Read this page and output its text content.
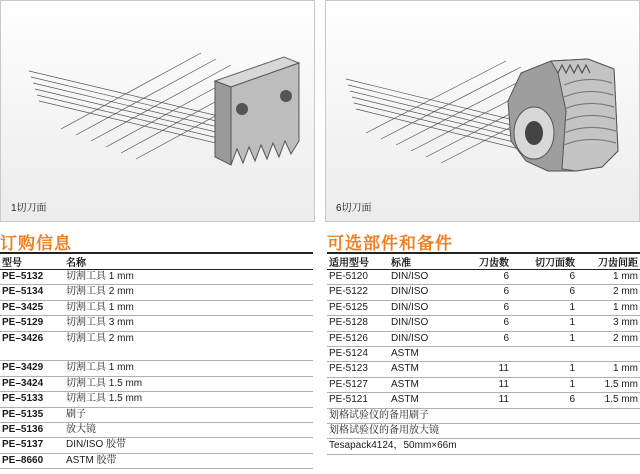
1切刀面	6切刀面
订购信息	可选部件和备件
型号	名称
PE–5132	切割工具 1 mm
PE–5134	切割工具 2 mm
PE–3425	切割工具 1 mm
PE–5129	切割工具 3 mm
PE–3426	切割工具 2 mm
PE–3429	切割工具 1 mm
PE–3424	切割工具 1.5 mm
PE–5133	切割工具 1.5 mm
PE–5135	刷子
PE–5136	放大镜
PE–5137	DIN/ISO 胶带
PE–8660	ASTM 胶带
适用型号	标准	刀齿数	切刀面数	刀齿间距
PE-5120	DIN/ISO	6	6	1 mm
PE-5122	DIN/ISO	6	6	2 mm
PE-5125	DIN/ISO	6	1	1 mm
PE-5128	DIN/ISO	6	1	3 mm
PE-5126	DIN/ISO	6	1	2 mm
PE-5124	ASTM			
PE-5123	ASTM	11	1	1 mm
PE-5127	ASTM	11	1	1.5 mm
PE-5121	ASTM	11	6	1.5 mm
划格试验仪的备用刷子				
划格试验仪的备用放大镜				
Tesapack4124，50mm×66m				
